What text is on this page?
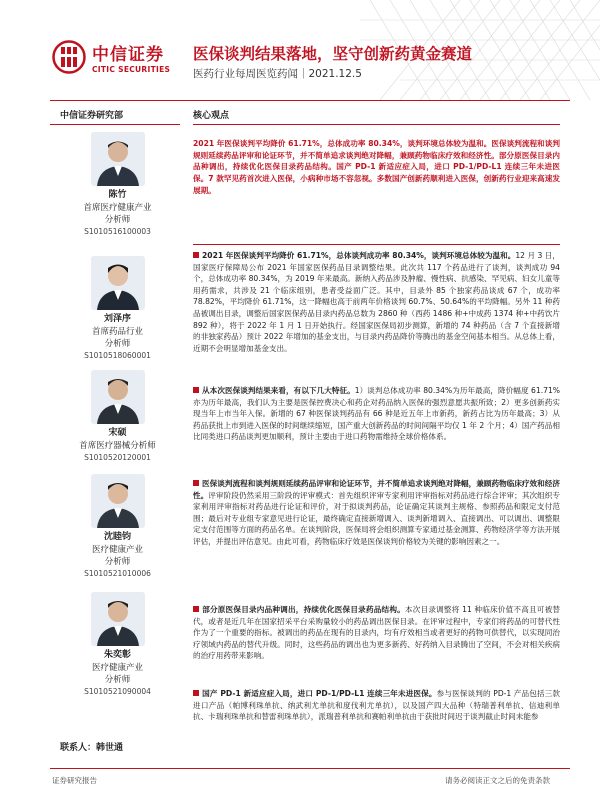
中信证券
CITIC SECURITIES
医保谈判结果落地，坚守创新药黄金赛道
医药行业每周医览药闻｜2021.12.5
中信证券研究部	核心观点
陈竹
首席医疗健康产业
分析师
S1010516100003
刘泽序
首席药品行业
分析师
S1010518060001
宋硕
首席医疗器械分析师
S1010520120001
沈睦钧
医疗健康产业
分析师
S1010521010006
朱奕彰
医疗健康产业
分析师
S1010521090004
联系人：韩世通
2021 年医保谈判平均降价 61.71%，总体成功率 80.34%，谈判环境总体较为温和。医保谈判流程和谈判规则延续药品评审和论证环节，并不简单追求谈判绝对降幅，兼顾药物临床疗效和经济性。部分原医保目录内品种调出，持续优化医保目录药品结构。国产 PD-1 新适应症入局，进口 PD-1/PD-L1 连续三年未进医保。7 款罕见药首次进入医保，小病种市场不容忽视。多数国产创新药顺利进入医保，创新药行业迎来高速发展期。
2021 年医保谈判平均降价 61.71%，总体谈判成功率 80.34%，谈判环境总体较为温和。12 月 3 日，国家医疗保障局公布 2021 年国家医保药品目录调整结果。此次共 117 个药品进行了谈判，谈判成功 94 个，总体成功率 80.34%，为 2019 年来最高。新纳入药品涉及肿瘤、慢性病、抗感染、罕见病、妇女儿童等用药需求，共涉及 21 个临床组别，患者受益面广泛。其中，目录外 85 个独家药品谈成 67 个，成功率 78.82%，平均降价 61.71%，这一降幅也高于前两年价格谈判 60.7%、50.64%的平均降幅。另外 11 种药品被调出目录，调整后国家医保药品目录内药品总数为 2860 种（西药 1486 种+中成药 1374 种+中药饮片 892 种），将于 2022 年 1 月 1 日开始执行。经国家医保局初步测算，新增的 74 种药品（含 7 个直接新增的非独家药品）预计 2022 年增加的基金支出，与目录内药品降价等腾出的基金空间基本相当。从总体上看，近期不会明显增加基金支出。
从本次医保谈判结果来看，有以下几大特征。1）谈判总体成功率 80.34%为历年最高，降价幅度 61.71%亦为历年最高，我们认为主要是医保控费决心和药企对药品纳入医保的强烈意愿共振所致；2）更多创新药实现当年上市当年入保。新增的 67 种医保谈判药品有 66 种是近五年上市新药，新药占比为历年最高；3）从药品获批上市到进入医保的时间继续缩短，国产重大创新药品的时间间隔平均仅 1 年 2 个月；4）国产药品相比同类进口药品谈判更加顺利，预计主要由于进口药物需维持全球价格体系。
医保谈判流程和谈判规则延续药品评审和论证环节，并不简单追求谈判绝对降幅，兼顾药物临床疗效和经济性。评审阶段仍然采用三阶段的评审模式：首先组织评审专家利用评审指标对药品进行综合评审；其次组织专家利用评审指标对药品进行论证和评价，对于拟谈判药品，论证确定其谈判主规格、参照药品和限定支付范围；最后对专业组专家意见进行论证，最终确定直接新增调入、谈判新增调入、直接调出、可以调出、调整限定支付范围等方面的药品名单。在谈判阶段，医保局将会组织测算专家通过基金测算、药物经济学等方法开展评估，并提出评估意见。由此可看，药物临床疗效是医保谈判价格较为关键的影响因素之一。
部分原医保目录内品种调出，持续优化医保目录药品结构。本次目录调整将 11 种临床价值不高且可被替代，或者是近几年在国家招采平台采购量较小的药品调出医保目录。在评审过程中，专家们将药品的可替代性作为了一个重要的指标。被调出的药品在现有的目录内，均有疗效相当或者更好的药物可供替代，以实现同治疗领域内药品的替代升级。同时，这些药品的调出也为更多新药、好药纳入目录腾出了空间，不会对相关疾病的治疗用药带来影响。
国产 PD-1 新适应症入局，进口 PD-1/PD-L1 连续三年未进医保。参与医保谈判的 PD-1 产品包括三款进口产品（帕博利珠单抗、纳武利尤单抗和度伐利尤单抗），以及国产四大品种（特瑞普利单抗、信迪利单抗、卡瑞利珠单抗和替雷利珠单抗），派瑞普利单抗和赛帕利单抗由于获批时间迟于谈判截止时间未能参
证券研究报告	请务必阅读正文之后的免责条款
